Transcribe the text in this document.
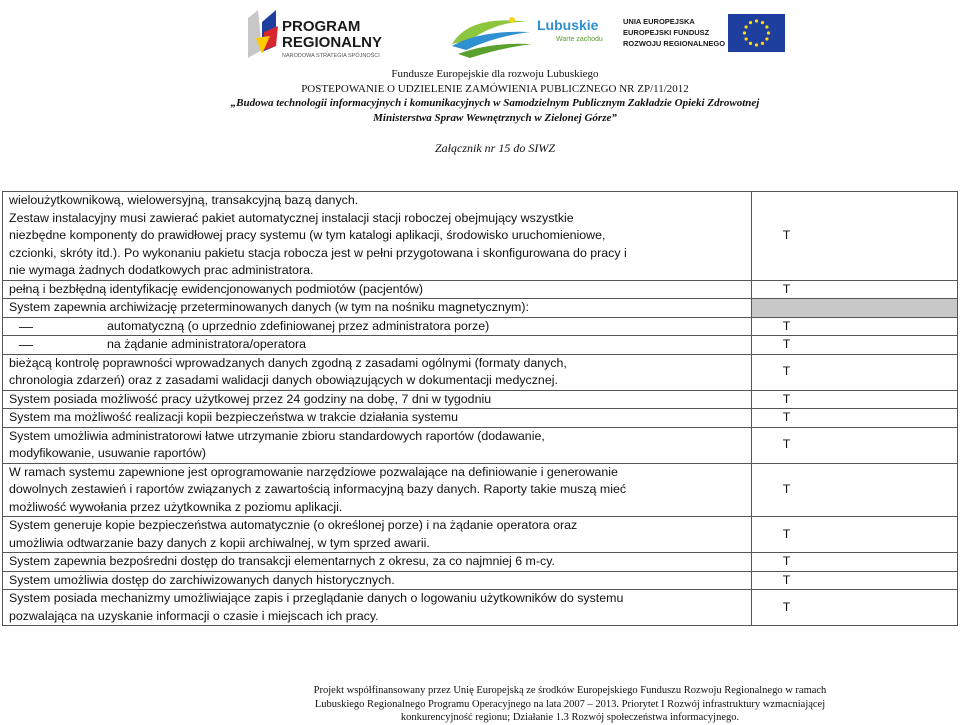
PROGRAM
REGIONALNY
NARODOWA STRATEGIA SPÓJNOŚCI
Lubuskie
Warte zachodu
UNIA EUROPEJSKA
EUROPEJSKI FUNDUSZ
ROZWOJU REGIONALNEGO
Fundusze Europejskie dla rozwoju Lubuskiego
POSTEPOWANIE O UDZIELENIE ZAMÓWIENIA PUBLICZNEGO NR ZP/11/2012
„Budowa technologii informacyjnych i komunikacyjnych w Samodzielnym Publicznym Zakładzie Opieki Zdrowotnej
Ministerstwa Spraw Wewnętrznych w Zielonej Górze”
Załącznik nr 15 do SIWZ
wielоużytkownikową, wielowersyjną, transakcyjną bazą danych.
Zestaw instalacyjny musi zawierać pakiet automatycznej instalacji stacji roboczej obejmujący wszystkie
niezbędne komponenty do prawidłowej pracy systemu (w tym katalogi aplikacji, środowisko uruchomieniowe,
czcionki, skróty itd.). Po wykonaniu pakietu stacja robocza jest w pełni przygotowana i skonfigurowana do pracy i
nie wymaga żadnych dodatkowych prac administratora.	T

pełną i bezbłędną identyfikację ewidencjonowanych podmiotów (pacjentów)	T

System zapewnia archiwizację przeterminowanych danych (w tym na nośniku magnetycznym):	

automatyczną (o uprzednio zdefiniowanej przez administratora porze)	T

na żądanie administratora/operatora	T

bieżącą kontrolę poprawności wprowadzanych danych zgodną z zasadami ogólnymi (formaty danych,
chronologia zdarzeń) oraz z zasadami walidacji danych obowiązujących w dokumentacji medycznej.	T

System posiada możliwość pracy użytkowej przez 24 godziny na dobę, 7 dni w tygodniu	T

System ma możliwość realizacji kopii bezpieczeństwa w trakcie działania systemu	T

System umożliwia administratorowi łatwe utrzymanie zbioru standardowych raportów (dodawanie,
modyfikowanie, usuwanie raportów)	T

W ramach systemu zapewnione jest oprogramowanie narzędziowe pozwalające na definiowanie i generowanie
dowolnych zestawień i raportów związanych z zawartością informacyjną bazy danych. Raporty takie muszą mieć
możliwość wywołania przez użytkownika z poziomu aplikacji.	T

System generuje kopie bezpieczeństwa automatycznie (o określonej porze) i na żądanie operatora oraz
umożliwia odtwarzanie bazy danych z kopii archiwalnej, w tym sprzed awarii.	T

System zapewnia bezpośredni dostęp do transakcji elementarnych z okresu, za co najmniej 6 m-cy.	T

System umożliwia dostęp do zarchiwizowanych danych historycznych.	T

System posiada mechanizmy umożliwiające zapis i przeglądanie danych o logowaniu użytkowników do systemu
pozwalająca na uzyskanie informacji o czasie i miejscach ich pracy.	T
Projekt współfinansowany przez Unię Europejską ze środków Europejskiego Funduszu Rozwoju Regionalnego w ramach
Lubuskiego Regionalnego Programu Operacyjnego na lata 2007 – 2013. Priorytet I Rozwój infrastruktury wzmacniającej
konkurencyjność regionu; Działanie 1.3 Rozwój społeczeństwa informacyjnego.
